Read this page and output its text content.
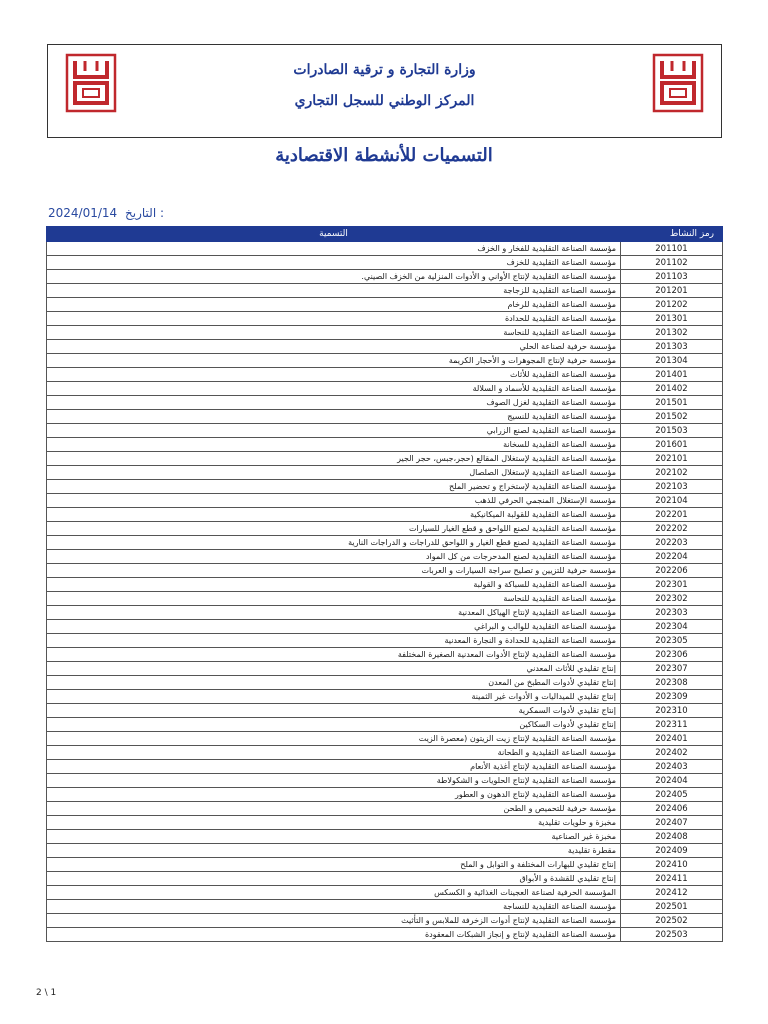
وزارة التجارة و ترقية الصادرات
المركز الوطني للسجل التجاري
التسميات للأنشطة الاقتصادية
2024/01/14 التاريخ :
التسمية	رمز النشاط
مؤسسة الصناعة التقليدية للفخار و الخزف	201101
مؤسسة الصناعة التقليدية للخزف	201102
مؤسسة الصناعة التقليدية لإنتاج الأواني و الأدوات المنزلية من الخزف الصيني.	201103
مؤسسة الصناعة التقليدية للزجاجة	201201
مؤسسة الصناعة التقليدية للرخام	201202
مؤسسة الصناعة التقليدية للحدادة	201301
مؤسسة الصناعة التقليدية للنحاسة	201302
مؤسسة حرفية لصناعة الحلي	201303
مؤسسة حرفية لإنتاج المجوهرات و الأحجار الكريمة	201304
مؤسسة الصناعة التقليدية للأثاث	201401
مؤسسة الصناعة التقليدية للأسماد و السلالة	201402
مؤسسة الصناعة التقليدية لغزل الصوف	201501
مؤسسة الصناعة التقليدية للنسيج	201502
مؤسسة الصناعة التقليدية لصنع الزرابي	201503
مؤسسة الصناعة التقليدية للسخانة	201601
مؤسسة الصناعة التقليدية لإستغلال المقالع (حجر،جبس، حجر الجير	202101
مؤسسة الصناعة التقليدية لإستغلال الصلصال	202102
مؤسسة الصناعة التقليدية لإستخراج و تحضير الملح	202103
مؤسسة الإستغلال المنجمي الحرفي للذهب	202104
مؤسسة الصناعة التقليدية للقولبة الميكانيكية	202201
مؤسسة الصناعة التقليدية لصنع اللواحق و قطع الغيار للسيارات	202202
مؤسسة الصناعة التقليدية لصنع قطع الغيار و اللواحق للدراجات و الدراجات النارية	202203
مؤسسة الصناعة التقليدية لصنع المدحرجات من كل المواد	202204
مؤسسة حرفية للتزيين و تصليح سراجة السيارات و العربات	202206
مؤسسة الصناعة التقليدية للسباكة و القولبة	202301
مؤسسة الصناعة التقليدية للنحاسة	202302
مؤسسة الصناعة التقليدية لإنتاج الهياكل المعدنية	202303
مؤسسة الصناعة التقليدية للوالب و البراغي	202304
مؤسسة الصناعة التقليدية للحدادة و النجارة المعدنية	202305
مؤسسة الصناعة التقليدية لإنتاج الأدوات المعدنية الصغيرة المختلفة	202306
إنتاج تقليدي للأثاث المعدني	202307
إنتاج تقليدي لأدوات المطبخ من المعدن	202308
إنتاج تقليدي للميداليات و الأدوات غير الثمينة	202309
إنتاج تقليدي لأدوات السمكرية	202310
إنتاج تقليدي لأدوات السكاكين	202311
مؤسسة الصناعة التقليدية لإنتاج زيت الزيتون (معصرة الزيت	202401
مؤسسة الصناعة التقليدية و الطحانة	202402
مؤسسة الصناعة التقليدية لإنتاج أغذية الأنعام	202403
مؤسسة الصناعة التقليدية لإنتاج الحلويات و الشكولاطة	202404
مؤسسة الصناعة التقليدية لإنتاج الدهون و العطور	202405
مؤسسة حرفية للتحميص و الطحن	202406
مخبزة و حلويات تقليدية	202407
مخبزة غير الصناعية	202408
مقطرة تقليدية	202409
إنتاج تقليدي للبهارات المختلفة و التوابل و الملح	202410
إنتاج تقليدي للقشدة و الأبواق	202411
المؤسسة الحرفية لصناعة العجينات الغذائية و الكسكس	202412
مؤسسة الصناعة التقليدية للنساجة	202501
مؤسسة الصناعة التقليدية لإنتاج أدوات الزخرفة للملابس و التأثيث	202502
مؤسسة الصناعة التقليدية لإنتاج و إنجاز الشبكات المعقودة	202503
2 \ 1
